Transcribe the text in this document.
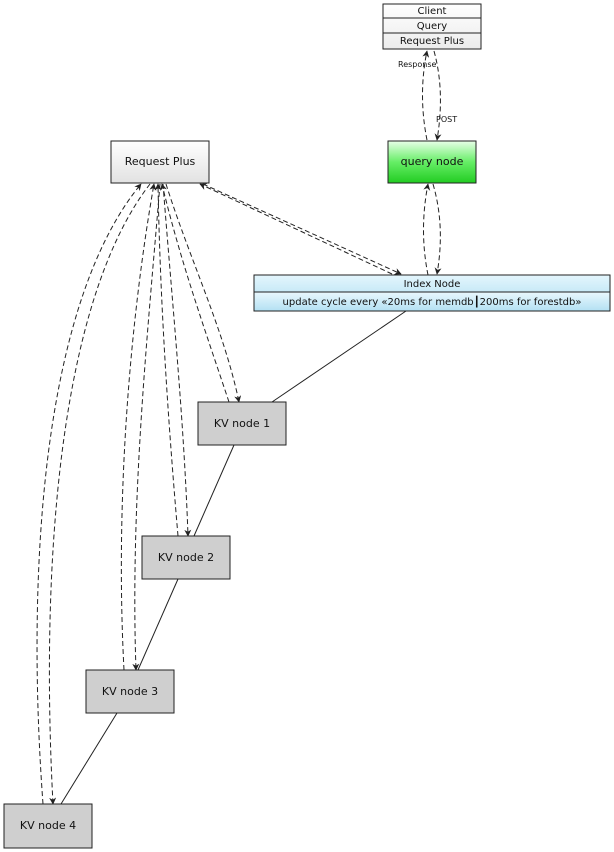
Response
POST
Client
Query
Request Plus
Request Plus	query node
Index Node
update cycle every «20ms for memdb┃200ms for forestdb»
KV node 1
KV node 2
KV node 3
KV node 4
